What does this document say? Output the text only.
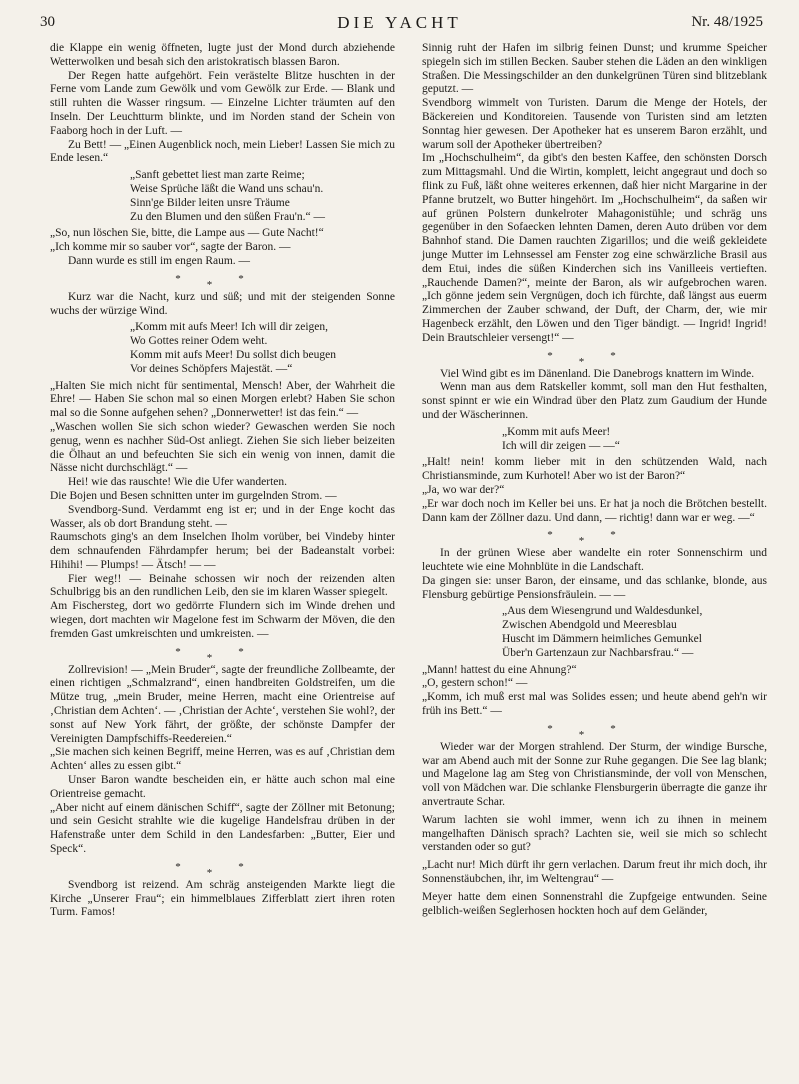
30	DIE YACHT	Nr. 48/1925

die Klappe ein wenig öffneten, lugte just der Mond durch abziehende Wetterwolken und besah sich den aristokratisch blassen Baron.

Der Regen hatte aufgehört. Fein verästelte Blitze huschten in der Ferne vom Lande zum Gewölk und vom Gewölk zur Erde. — Blank und still ruhten die Wasser ringsum. — Einzelne Lichter träumten auf den Inseln. Der Leuchtturm blinkte, und im Norden stand der Schein von Faaborg hoch in der Luft. —

Zu Bett! — „Einen Augenblick noch, mein Lieber! Lassen Sie mich zu Ende lesen.“

„Sanft gebettet liest man zarte Reime;
Weise Sprüche läßt die Wand uns schau'n.
Sinn'ge Bilder leiten unsre Träume
Zu den Blumen und den süßen Frau'n.“ —

„So, nun löschen Sie, bitte, die Lampe aus — Gute Nacht!“

„Ich komme mir so sauber vor“, sagte der Baron. —

Dann wurde es still im engen Raum. —

***

Kurz war die Nacht, kurz und süß; und mit der steigenden Sonne wuchs der würzige Wind.

„Komm mit aufs Meer! Ich will dir zeigen,
Wo Gottes reiner Odem weht.
Komm mit aufs Meer! Du sollst dich beugen
Vor deines Schöpfers Majestät. —“

„Halten Sie mich nicht für sentimental, Mensch! Aber, der Wahrheit die Ehre! — Haben Sie schon mal so einen Morgen erlebt? Haben Sie schon mal so die Sonne aufgehen sehen? „Donnerwetter! ist das fein.“ —

„Waschen wollen Sie sich schon wieder? Gewaschen werden Sie noch genug, wenn es nachher Süd-Ost anliegt. Ziehen Sie sich lieber beizeiten die Ölhaut an und befeuchten Sie sich ein wenig von innen, damit die Nässe nicht durchschlägt.“ —

Hei! wie das rauschte! Wie die Ufer wanderten.

Die Bojen und Besen schnitten unter im gurgelnden Strom. —

Svendborg-Sund. Verdammt eng ist er; und in der Enge kocht das Wasser, als ob dort Brandung steht. —

Raumschots ging's an dem Inselchen Iholm vorüber, bei Vindeby hinter dem schnaufenden Fährdampfer herum; bei der Badeanstalt vorbei: Hihihi! — Plumps! — Ätsch! — —

Fier weg!! — Beinahe schossen wir noch der reizenden alten Schulbrigg bis an den rundlichen Leib, den sie im klaren Wasser spiegelt.

Am Fischersteg, dort wo gedörrte Flundern sich im Winde drehen und wiegen, dort machten wir Magelone fest im Schwarm der Möven, die den fremden Gast umkreischten und umkreisten. —

***

Zollrevision! — „Mein Bruder“, sagte der freundliche Zollbeamte, der einen richtigen „Schmalzrand“, einen handbreiten Goldstreifen, um die Mütze trug, „mein Bruder, meine Herren, macht eine Orientreise auf ‚Christian dem Achten‘. — ‚Christian der Achte‘, verstehen Sie wohl?, der sonst auf New York fährt, der größte, der schönste Dampfer der Vereinigten Dampfschiffs-Reedereien.“

„Sie machen sich keinen Begriff, meine Herren, was es auf ‚Christian dem Achten‘ alles zu essen gibt.“

Unser Baron wandte bescheiden ein, er hätte auch schon mal eine Orientreise gemacht.

„Aber nicht auf einem dänischen Schiff“, sagte der Zöllner mit Betonung; und sein Gesicht strahlte wie die kugelige Handelsfrau drüben in der Hafenstraße unter dem Schild in den Landesfarben: „Butter, Eier und Speck“.

***

Svendborg ist reizend. Am schräg ansteigenden Markte liegt die Kirche „Unserer Frau“; ein himmelblaues Zifferblatt ziert ihren roten Turm. Famos!

Sinnig ruht der Hafen im silbrig feinen Dunst; und krumme Speicher spiegeln sich im stillen Becken. Sauber stehen die Läden an den winkligen Straßen. Die Messingschilder an den dunkelgrünen Türen sind blitzeblank geputzt. —

Svendborg wimmelt von Turisten. Darum die Menge der Hotels, der Bäckereien und Konditoreien. Tausende von Turisten sind am letzten Sonntag hier gewesen. Der Apotheker hat es unserem Baron erzählt, und warum soll der Apotheker übertreiben?

Im „Hochschulheim“, da gibt's den besten Kaffee, den schönsten Dorsch zum Mittagsmahl. Und die Wirtin, komplett, leicht angegraut und doch so flink zu Fuß, läßt ohne weiteres erkennen, daß hier nicht Margarine in der Pfanne brutzelt, wo Butter hingehört. Im „Hochschulheim“, da saßen wir auf grünen Polstern dunkelroter Mahagonistühle; und schräg uns gegenüber in den Sofaecken lehnten Damen, deren Auto drüben vor dem Bahnhof stand. Die Damen rauchten Zigarillos; und die weiß gekleidete junge Mutter im Lehnsessel am Fenster zog eine schwärzliche Brasil aus dem Etui, indes die süßen Kinderchen sich ins Vanilleeis vertieften. „Rauchende Damen?“, meinte der Baron, als wir aufgebrochen waren. „Ich gönne jedem sein Vergnügen, doch ich fürchte, daß längst aus euerm Zimmerchen der Zauber schwand, der Duft, der Charm, der, wie mir Hagenbeck erzählt, den Löwen und den Tiger bändigt. — Ingrid! Ingrid! Dein Brautschleier versengt!“ —

***

Viel Wind gibt es im Dänenland. Die Danebrogs knattern im Winde.

Wenn man aus dem Ratskeller kommt, soll man den Hut festhalten, sonst spinnt er wie ein Windrad über den Platz zum Gaudium der Hunde und der Wäscherinnen.

„Komm mit aufs Meer!
Ich will dir zeigen — —“

„Halt! nein! komm lieber mit in den schützenden Wald, nach Christiansminde, zum Kurhotel! Aber wo ist der Baron?“

„Ja, wo war der?“

„Er war doch noch im Keller bei uns. Er hat ja noch die Brötchen bestellt. Dann kam der Zöllner dazu. Und dann, — richtig! dann war er weg. —“

***

In der grünen Wiese aber wandelte ein roter Sonnenschirm und leuchtete wie eine Mohnblüte in die Landschaft.

Da gingen sie: unser Baron, der einsame, und das schlanke, blonde, aus Flensburg gebürtige Pensionsfräulein. — —

„Aus dem Wiesengrund und Waldesdunkel,
Zwischen Abendgold und Meeresblau
Huscht im Dämmern heimliches Gemunkel
Über'n Gartenzaun zur Nachbarsfrau.“ —

„Mann! hattest du eine Ahnung?“

„O, gestern schon!“ —

„Komm, ich muß erst mal was Solides essen; und heute abend geh'n wir früh ins Bett.“ —

***

Wieder war der Morgen strahlend. Der Sturm, der windige Bursche, war am Abend auch mit der Sonne zur Ruhe gegangen. Die See lag blank; und Magelone lag am Steg von Christiansminde, der voll von Menschen, voll von Mädchen war. Die schlanke Flensburgerin überragte die ganze ihr anvertraute Schar.

Warum lachten sie wohl immer, wenn ich zu ihnen in meinem mangelhaften Dänisch sprach? Lachten sie, weil sie mich so schlecht verstanden oder so gut?

„Lacht nur! Mich dürft ihr gern verlachen. Darum freut ihr mich doch, ihr Sonnenstäubchen, ihr, im Weltengrau“ —

Meyer hatte dem einen Sonnenstrahl die Zupfgeige entwunden. Seine gelblich-weißen Seglerhosen hockten hoch auf dem Geländer,
